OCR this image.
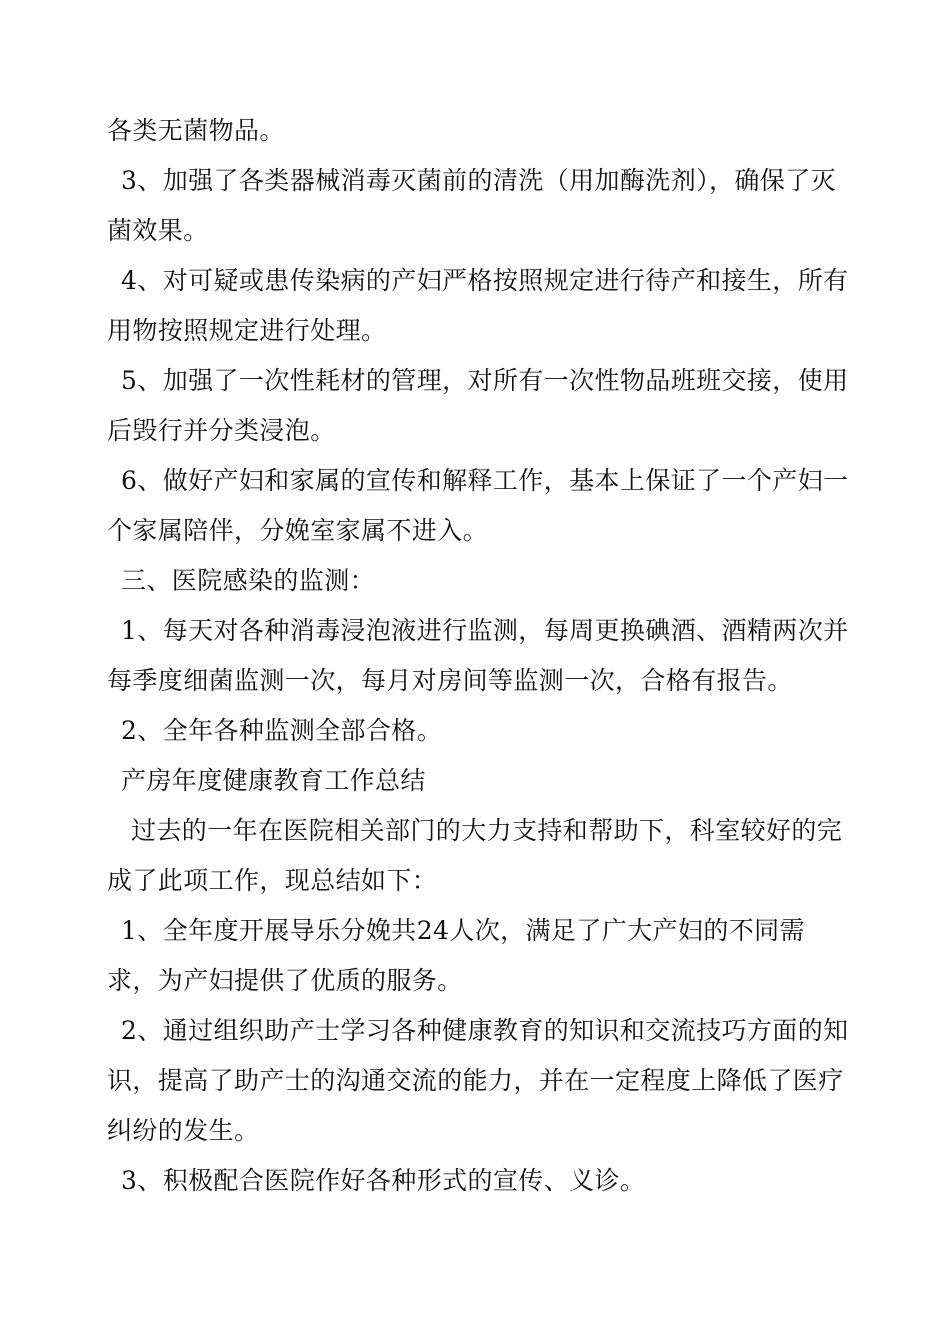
各类无菌物品。

3、加强了各类器械消毒灭菌前的清洗（用加酶洗剂），确保了灭菌效果。

4、对可疑或患传染病的产妇严格按照规定进行待产和接生，所有用物按照规定进行处理。

5、加强了一次性耗材的管理，对所有一次性物品班班交接，使用后毁行并分类浸泡。

6、做好产妇和家属的宣传和解释工作，基本上保证了一个产妇一个家属陪伴，分娩室家属不进入。

三、医院感染的监测：

1、每天对各种消毒浸泡液进行监测，每周更换碘酒、酒精两次并每季度细菌监测一次，每月对房间等监测一次，合格有报告。

2、全年各种监测全部合格。

产房年度健康教育工作总结

过去的一年在医院相关部门的大力支持和帮助下，科室较好的完成了此项工作，现总结如下：

1、全年度开展导乐分娩共24人次，满足了广大产妇的不同需求，为产妇提供了优质的服务。

2、通过组织助产士学习各种健康教育的知识和交流技巧方面的知识，提高了助产士的沟通交流的能力，并在一定程度上降低了医疗纠纷的发生。

3、积极配合医院作好各种形式的宣传、义诊。
